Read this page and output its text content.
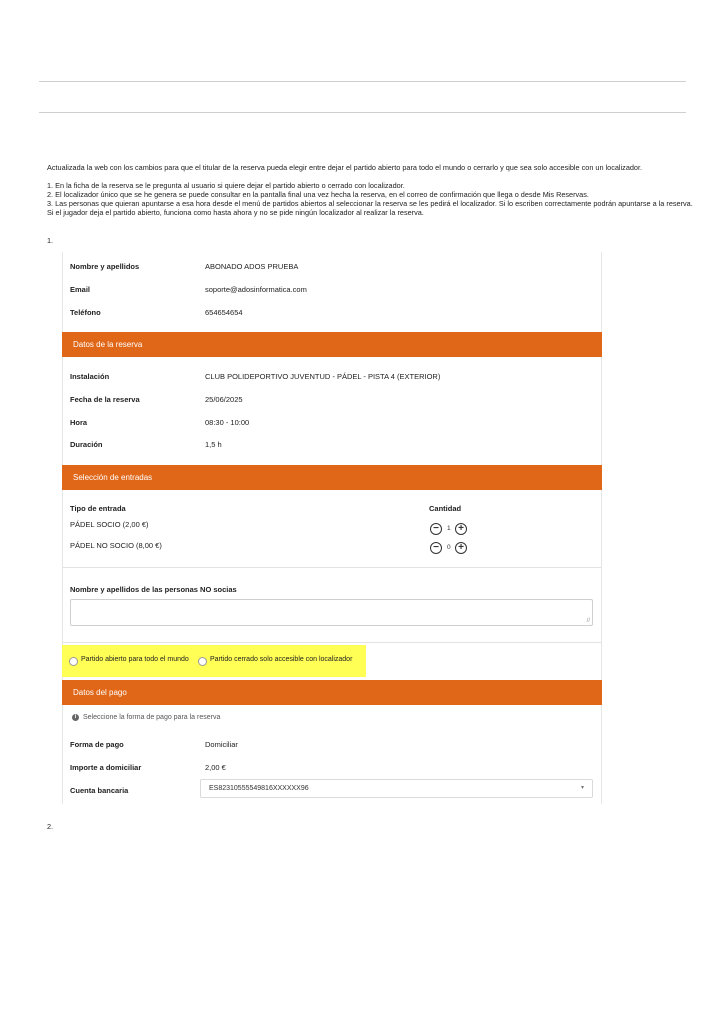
Actualizada la web con los cambios para que el titular de la reserva pueda elegir entre dejar el partido abierto para todo el mundo o cerrarlo y que sea solo accesible con un localizador.
1. En la ficha de la reserva se le pregunta al usuario si quiere dejar el partido abierto o cerrado con localizador.
2. El localizador único que se he genera se puede consultar en la pantalla final una vez hecha la reserva, en el correo de confirmación que llega o desde Mis Reservas.
3. Las personas que quieran apuntarse a esa hora desde el menú de partidos abiertos al seleccionar la reserva se les pedirá el localizador. Si lo escriben correctamente podrán apuntarse a la reserva.
Si el jugador deja el partido abierto, funciona como hasta ahora y no se pide ningún localizador al realizar la reserva.
1.
Nombre y apellidos	ABONADO ADOS PRUEBA
Email	soporte@adosinformatica.com
Teléfono	654654654
Datos de la reserva
Instalación	CLUB POLIDEPORTIVO JUVENTUD - PÁDEL - PISTA 4 (EXTERIOR)
Fecha de la reserva	25/06/2025
Hora	08:30 - 10:00
Duración	1,5 h
Selección de entradas
Tipo de entrada	Cantidad
PÁDEL SOCIO (2,00 €)	−	1 +
PÁDEL NO SOCIO (8,00 €)	−	0 +
Nombre y apellidos de las personas NO socias
//
Partido abierto para todo el mundo	Partido cerrado solo accesible con localizador
Datos del pago
i Seleccione la forma de pago para la reserva
Forma de pago	Domiciliar
Importe a domiciliar	2,00 €
Cuenta bancaria	ES82310555549816XXXXXX96	▾
2.
